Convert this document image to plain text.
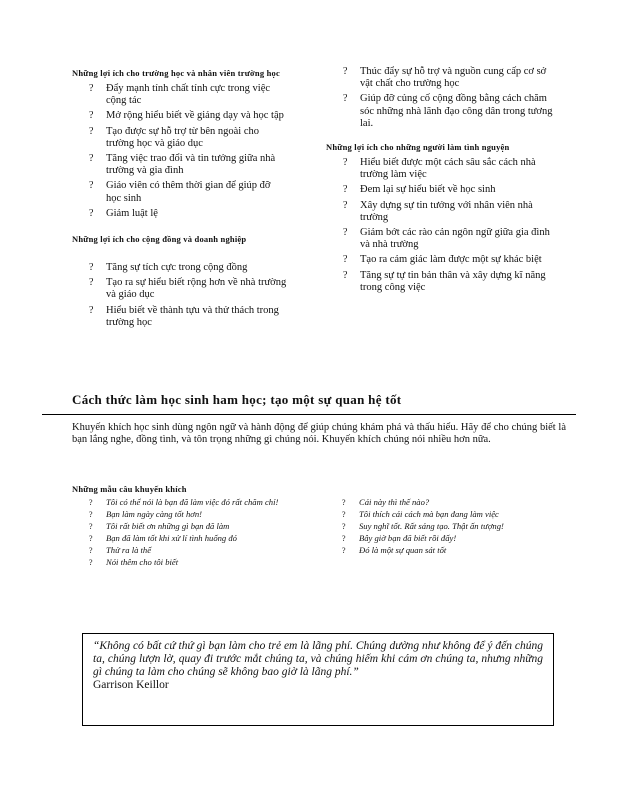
Những lợi ích cho trường học và nhân viên trường học
? Đẩy mạnh tính chất tính cực trong việc cộng tác
? Mở rộng hiểu biết về giảng dạy và học tập
? Tạo được sự hỗ trợ từ bên ngoài cho trường học và giáo dục
? Tăng việc trao đổi và tin tưởng giữa nhà trường và gia đình
? Giáo viên có thêm thời gian để giúp đỡ học sinh
? Giảm luật lệ
Những lợi ích cho cộng đồng và doanh nghiệp
? Tăng sự tích cực trong cộng đồng
? Tạo ra sự hiểu biết rộng hơn về nhà trường và giáo dục
? Hiểu biết về thành tựu và thử thách trong trường học
? Thúc đẩy sự hỗ trợ và nguồn cung cấp cơ sở vật chất cho trường học
? Giúp đỡ củng cố cộng đồng bằng cách chăm sóc những nhà lãnh đạo công dân trong tương lai.
Những lợi ích cho những người làm tình nguyện
? Hiểu biết được một cách sâu sắc cách nhà trường làm việc
? Đem lại sự hiểu biết về học sinh
? Xây dựng sự tin tưởng với nhân viên nhà trường
? Giảm bớt các rào cản ngôn ngữ giữa gia đình và nhà trường
? Tạo ra cảm giác làm được một sự khác biệt
? Tăng sự tự tin bản thân và xây dựng kĩ năng trong công việc
Cách thức làm học sinh ham học; tạo một sự quan hệ tốt
Khuyến khích học sinh dùng ngôn ngữ và hành động để giúp chúng khám phá và thấu hiểu. Hãy để cho chúng biết là bạn lắng nghe, đồng tình, và tôn trọng những gì chúng nói. Khuyến khích chúng nói nhiều hơn nữa.
Những mẫu câu khuyến khích
? Tôi có thể nói là bạn đã làm việc đó rất chăm chỉ!
? Bạn làm ngày càng tốt hơn!
? Tôi rất biết ơn những gì bạn đã làm
? Bạn đã làm tốt khi xử lí tình huống đó
? Thử ra là thế
? Nói thêm cho tôi biết
? Cái này thì thế nào?
? Tôi thích cái cách mà bạn đang làm việc
? Suy nghĩ tốt. Rất sáng tạo. Thật ấn tượng!
? Bây giờ bạn đã biết rồi đấy!
? Đó là một sự quan sát tốt
“Không có bất cứ thứ gì bạn làm cho trẻ em là lãng phí. Chúng dường như không để ý đến chúng ta, chúng lượn lờ, quay đi trước mắt chúng ta, và chúng hiếm khi cám ơn chúng ta, nhưng những gì chúng ta làm cho chúng sẽ không bao giờ là lãng phí.”
Garrison Keillor
